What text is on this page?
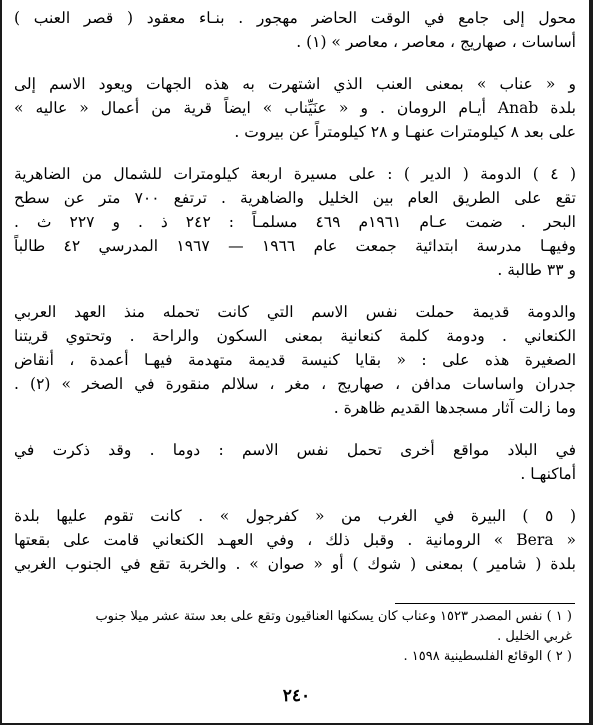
محول إلى جامع في الوقت الحاضر مهجور . بنـاء معقود ( قصر العنب )
أساسات ، صهاريج ، معاصر ، معاصر » (١) .
و « عناب » بمعنى العنب الذي اشتهرت به هذه الجهات ويعود الاسم إلى
بلدة Anab أيـام الرومان . و « عنَيِّناب » ايضاً قرية من أعمال « عاليه »
على بعد ٨ كيلومترات عنهـا و ٢٨ كيلومتراً عن بيروت .
( ٤ ) الدومة ( الدير ) : على مسيرة اربعة كيلومترات للشمال من الضاهرية
تقع على الطريق العام بين الخليل والضاهرية . ترتفع ٧٠٠ متر عن سطح
البحر . ضمت عـام ١٩٦١م ٤٦٩ مسلمـاً : ٢٤٢ ذ . و ٢٢٧ ث .
وفيهـا مدرسة ابتدائية جمعت عام ١٩٦٦ — ١٩٦٧ المدرسي ٤٢ طالباً
و ٣٣ طالبة .
والدومة قديمة حملت نفس الاسم التي كانت تحمله منذ العهد العربي
الكنعاني . ودومة كلمة كنعانية بمعنى السكون والراحة . وتحتوي قريتنا
الصغيرة هذه على : « بقايا كنيسة قديمة متهدمة فيهـا أعمدة ، أنقاض
جدران واساسات مدافن ، صهاريج ، مغر ، سلالم منقورة في الصخر » (٢) .
وما زالت آثار مسجدها القديم ظاهرة .
في البلاد مواقع أخرى تحمل نفس الاسم : دوما . وقد ذكرت في
أماكنهـا .
( ٥ ) البيرة في الغرب من « كفرجول » . كانت تقوم عليها بلدة
« Bera » الرومانية . وقبل ذلك ، وفي العهـد الكنعاني قامت على بقعتها
بلدة ( شامير ) بمعنى ( شوك ) أو « صوان » . والخربة تقع في الجنوب الغربي
( ١ ) نفس المصدر ١٥٢٣ وعناب كان يسكنها العناقيون وتقع على بعد ستة عشر ميلا جنوب
غربي الخليل .
( ٢ ) الوقائع الفلسطينية ١٥٩٨ .
٢٤٠
